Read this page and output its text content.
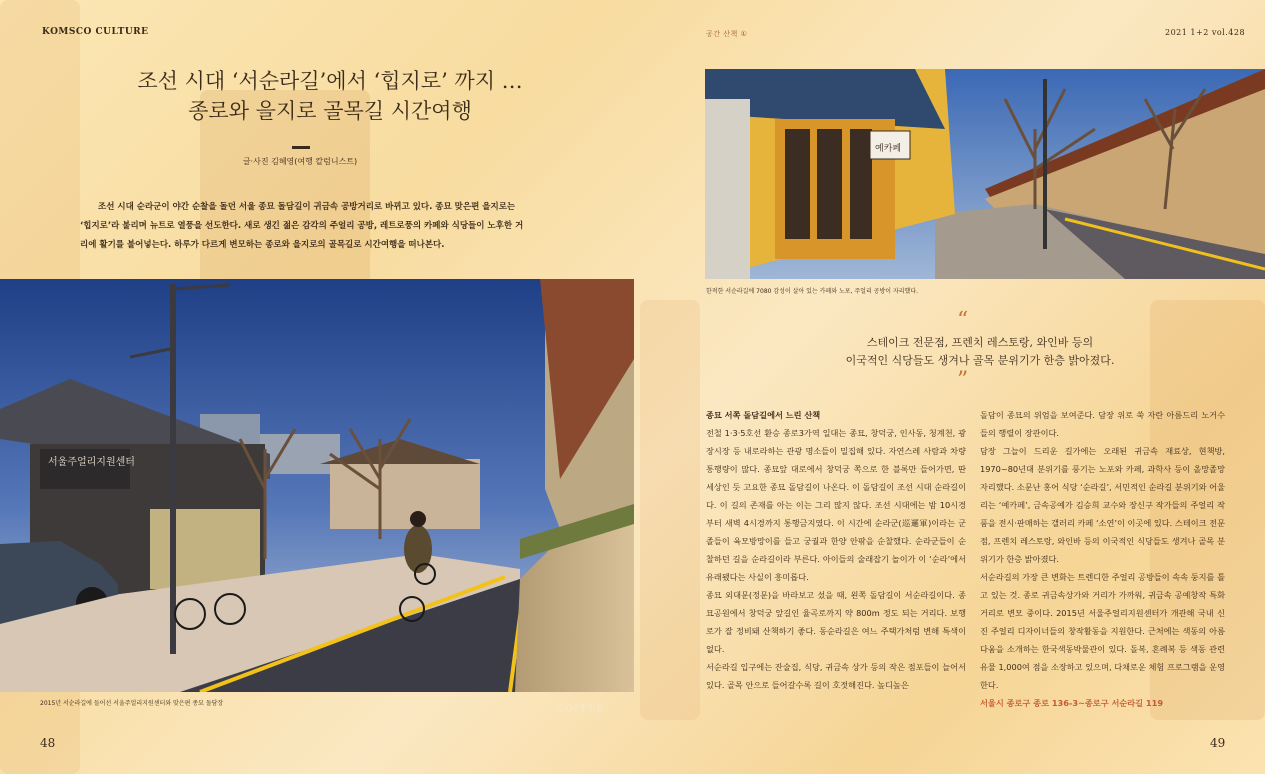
KOMSCO CULTURE	공간 산책 ①	2021 1+2 vol.428
조선 시대 ‘서순라길’에서 ‘힙지로’ 까지 …
종로와 을지로 골목길 시간여행
글·사진 김혜영(여행 칼럼니스트)
조선 시대 순라군이 야간 순찰을 돌던 서울 종묘 돌담길이 귀금속 공방거리로 바뀌고 있다. 종묘 맞은편 을지로는 ‘힙지로’라 불리며 뉴트로 열풍을 선도한다. 새로 생긴 젊은 감각의 주얼리 공방, 레트로풍의 카페와 식당들이 노후한 거리에 활기를 불어넣는다. 하루가 다르게 변모하는 종로와 을지로의 골목길로 시간여행을 떠나본다.
서울주얼리지원센터
2015년 서순라길에 들어선 서울주얼리지원센터와 맞은편 종묘 돌담장	COFFEE
예카페
한적한 서순라길에 7080 감성이 살아 있는 카페와 노포, 주얼리 공방이 자리했다.
“
스테이크 전문점, 프렌치 레스토랑, 와인바 등의
이국적인 식당들도 생겨나 골목 분위기가 한층 밝아졌다.
”

종묘 서쪽 돌담길에서 느린 산책

전철 1·3·5호선 환승 종로3가역 일대는 종묘, 창덕궁, 인사동, 청계천, 광장시장 등 내로라하는 관광 명소들이 밀집해 있다. 자연스레 사람과 차량 통행량이 많다. 종묘앞 대로에서 창덕궁 쪽으로 한 블록만 들어가면, 딴 세상인 듯 고요한 종묘 돌담길이 나온다. 이 돌담길이 조선 시대 순라길이다. 이 길의 존재를 아는 이는 그리 많지 않다. 조선 시대에는 밤 10시경부터 새벽 4시경까지 통행금지였다. 이 시간에 순라군(巡邏軍)이라는 군졸들이 육모방망이를 들고 궁궐과 한양 안팎을 순찰했다. 순라군들이 순찰하던 길을 순라길이라 부른다. 아이들의 술래잡기 놀이가 이 ‘순라’에서 유래됐다는 사실이 흥미롭다.

종묘 외대문(정문)을 바라보고 섰을 때, 왼쪽 돌담길이 서순라길이다. 종묘공원에서 창덕궁 앞길인 율곡로까지 약 800m 정도 되는 거리다. 보행로가 잘 정비돼 산책하기 좋다. 동순라길은 여느 주택가처럼 변해 특색이 없다.

서순라길 입구에는 잔술집, 식당, 귀금속 상가 등의 작은 점포들이 늘어서 있다. 골목 안으로 들어갈수록 길이 호젓해진다. 높디높은

돌담이 종묘의 위엄을 보여준다. 담장 위로 쑥 자란 아름드리 노거수들의 행렬이 장관이다.

담장 그늘이 드리운 길가에는 오래된 귀금속 재료상, 현책방, 1970~80년대 분위기를 풍기는 노포와 카페, 과학사 등이 올망졸망 자리했다. 소문난 홍어 식당 ‘순라길’, 서민적인 순라길 분위기와 어울리는 ‘예카페’, 금속공예가 김승희 교수와 장신구 작가들의 주얼리 작품을 전시·판매하는 갤러리 카페 ‘소연’이 이곳에 있다. 스테이크 전문점, 프렌치 레스토랑, 와인바 등의 이국적인 식당들도 생겨나 골목 분위기가 한층 밝아졌다.

서순라길의 가장 큰 변화는 트렌디한 주얼리 공방들이 속속 둥지를 틀고 있는 것. 종로 귀금속상가와 거리가 가까워, 귀금속 공예창작 특화거리로 변모 중이다. 2015년 서울주얼리지원센터가 개관해 국내 신진 주얼리 디자이너들의 창작활동을 지원한다. 근처에는 색동의 아름다움을 소개하는 한국색동박물관이 있다. 돌복, 혼례복 등 색동 관련 유물 1,000여 점을 소장하고 있으며, 다채로운 체험 프로그램을 운영한다.

서울시 종로구 종로 136-3~종로구 서순라길 119

48	49
